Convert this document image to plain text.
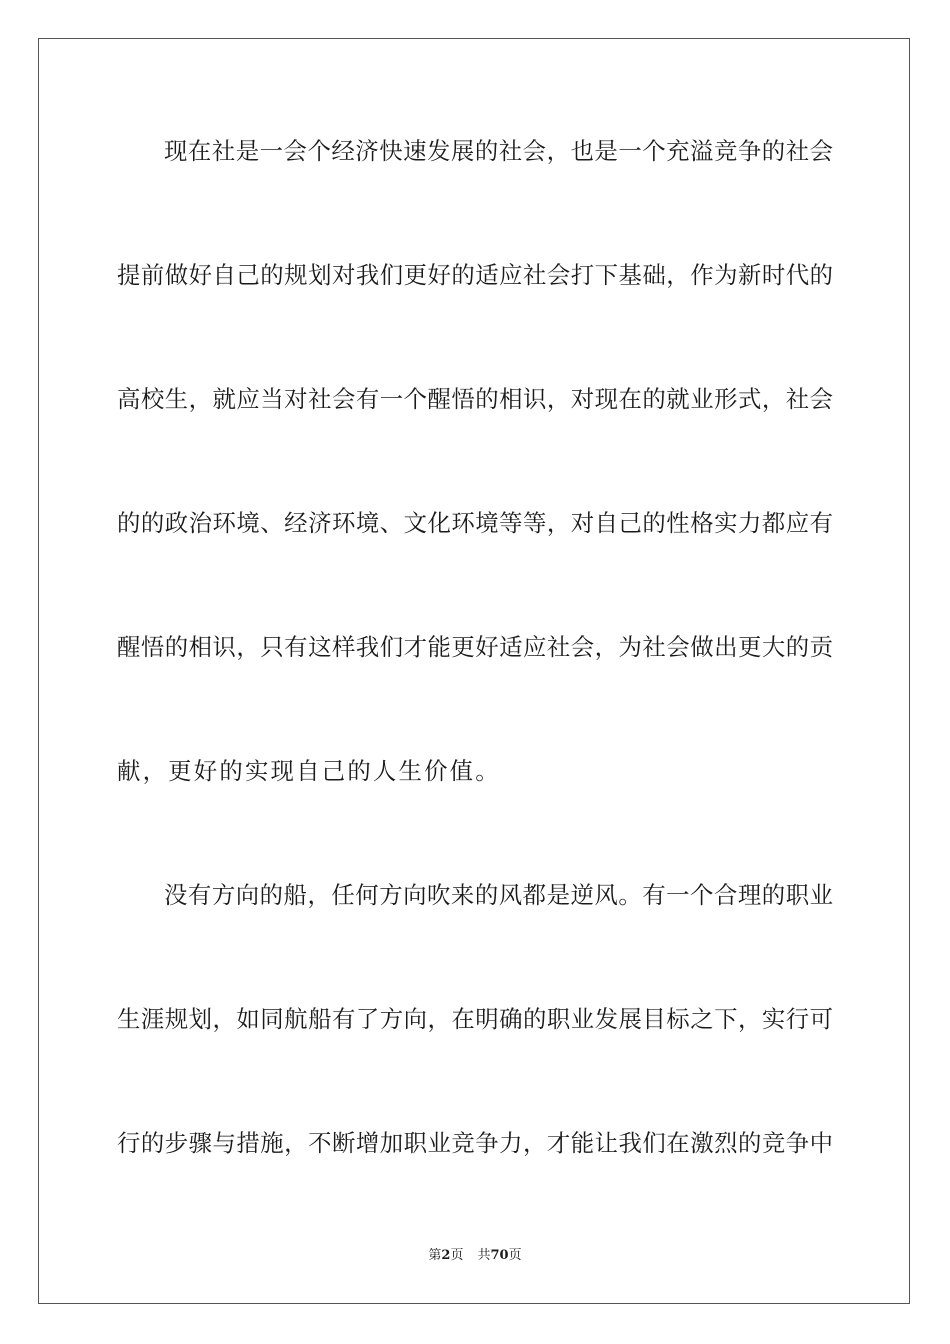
现在社是一会个经济快速发展的社会，也是一个充溢竞争的社会
提前做好自己的规划对我们更好的适应社会打下基础，作为新时代的
高校生，就应当对社会有一个醒悟的相识，对现在的就业形式，社会
的的政治环境、经济环境、文化环境等等，对自己的性格实力都应有
醒悟的相识，只有这样我们才能更好适应社会，为社会做出更大的贡
献，更好的实现自己的人生价值。
没有方向的船，任何方向吹来的风都是逆风。有一个合理的职业
生涯规划，如同航船有了方向，在明确的职业发展目标之下，实行可
行的步骤与措施，不断增加职业竞争力，才能让我们在激烈的竞争中
第2页 共70页
